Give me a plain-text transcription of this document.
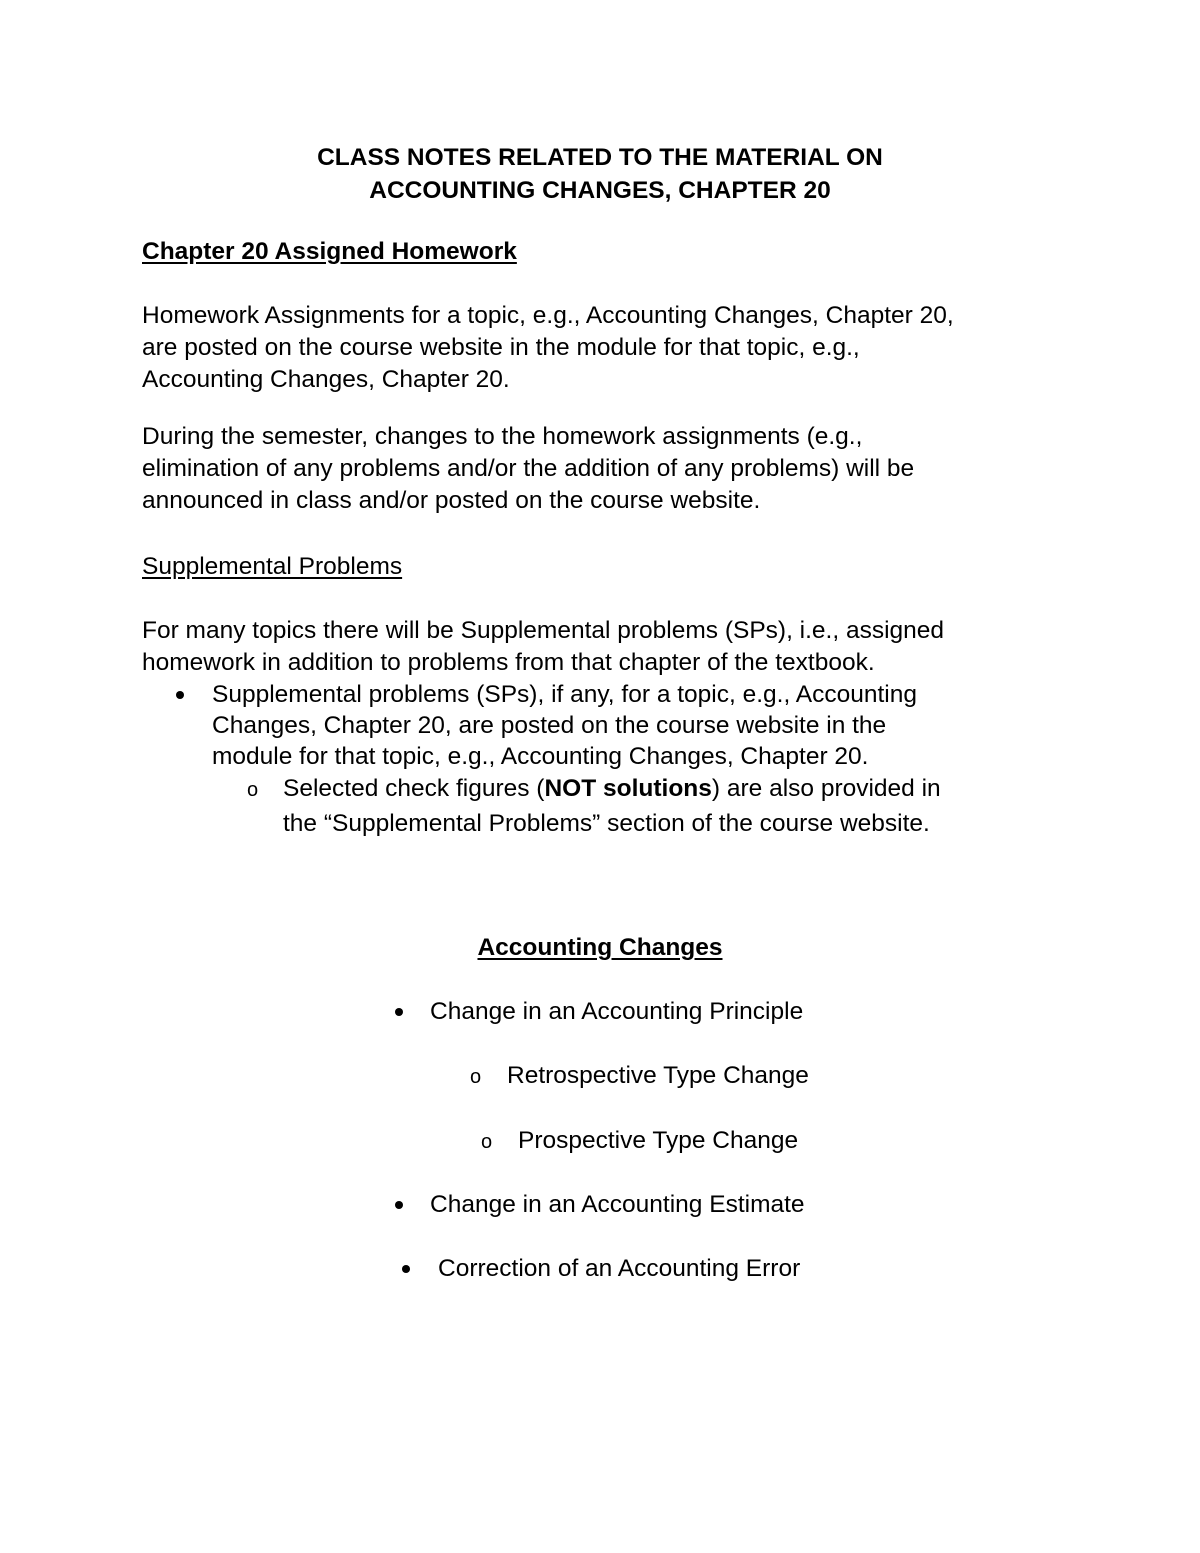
CLASS NOTES RELATED TO THE MATERIAL ON

ACCOUNTING CHANGES, CHAPTER 20

Chapter 20 Assigned Homework

Homework Assignments for a topic, e.g., Accounting Changes, Chapter 20,

are posted on the course website in the module for that topic, e.g.,

Accounting Changes, Chapter 20.

During the semester, changes to the homework assignments (e.g.,

elimination of any problems and/or the addition of any problems) will be

announced in class and/or posted on the course website.

Supplemental Problems

For many topics there will be Supplemental problems (SPs), i.e., assigned

homework in addition to problems from that chapter of the textbook.

Supplemental problems (SPs), if any, for a topic, e.g., Accounting

Changes, Chapter 20, are posted on the course website in the

module for that topic, e.g., Accounting Changes, Chapter 20.

o Selected check figures (NOT solutions) are also provided in

the “Supplemental Problems” section of the course website.

Accounting Changes

Change in an Accounting Principle

o Retrospective Type Change

o Prospective Type Change

Change in an Accounting Estimate

Correction of an Accounting Error
